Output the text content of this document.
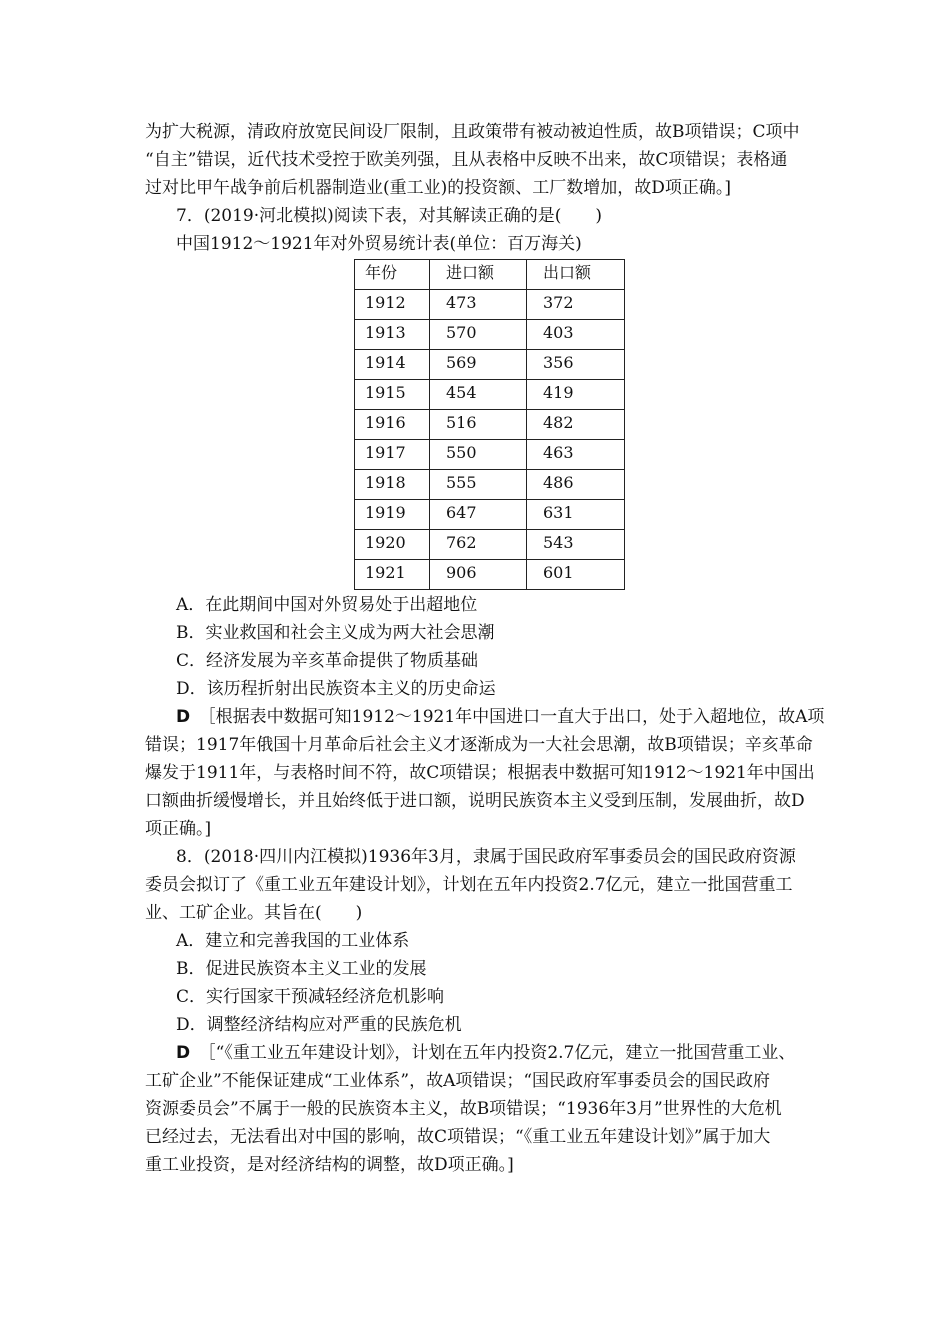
为扩大税源，清政府放宽民间设厂限制，且政策带有被动被迫性质，故B项错误；C项中
“自主”错误，近代技术受控于欧美列强，且从表格中反映不出来，故C项错误；表格通
过对比甲午战争前后机器制造业(重工业)的投资额、工厂数增加，故D项正确。]
7．(2019·河北模拟)阅读下表，对其解读正确的是(　　)
中国1912～1921年对外贸易统计表(单位：百万海关)
年份	进口额	出口额
1912	473	372
1913	570	403
1914	569	356
1915	454	419
1916	516	482
1917	550	463
1918	555	486
1919	647	631
1920	762	543
1921	906	601
A．在此期间中国对外贸易处于出超地位
B．实业救国和社会主义成为两大社会思潮
C．经济发展为辛亥革命提供了物质基础
D．该历程折射出民族资本主义的历史命运
D　 ［根据表中数据可知1912～1921年中国进口一直大于出口，处于入超地位，故A项
错误；1917年俄国十月革命后社会主义才逐渐成为一大社会思潮，故B项错误；辛亥革命
爆发于1911年，与表格时间不符，故C项错误；根据表中数据可知1912～1921年中国出
口额曲折缓慢增长，并且始终低于进口额，说明民族资本主义受到压制，发展曲折，故D
项正确。]
8．(2018·四川内江模拟)1936年3月，隶属于国民政府军事委员会的国民政府资源
委员会拟订了《重工业五年建设计划》，计划在五年内投资2.7亿元，建立一批国营重工
业、工矿企业。其旨在(　　)
A．建立和完善我国的工业体系
B．促进民族资本主义工业的发展
C．实行国家干预减轻经济危机影响
D．调整经济结构应对严重的民族危机
D　 ［“《重工业五年建设计划》，计划在五年内投资2.7亿元，建立一批国营重工业、
工矿企业”不能保证建成“工业体系”，故A项错误；“国民政府军事委员会的国民政府
资源委员会”不属于一般的民族资本主义，故B项错误；“1936年3月”世界性的大危机
已经过去，无法看出对中国的影响，故C项错误；“《重工业五年建设计划》”属于加大
重工业投资，是对经济结构的调整，故D项正确。]
